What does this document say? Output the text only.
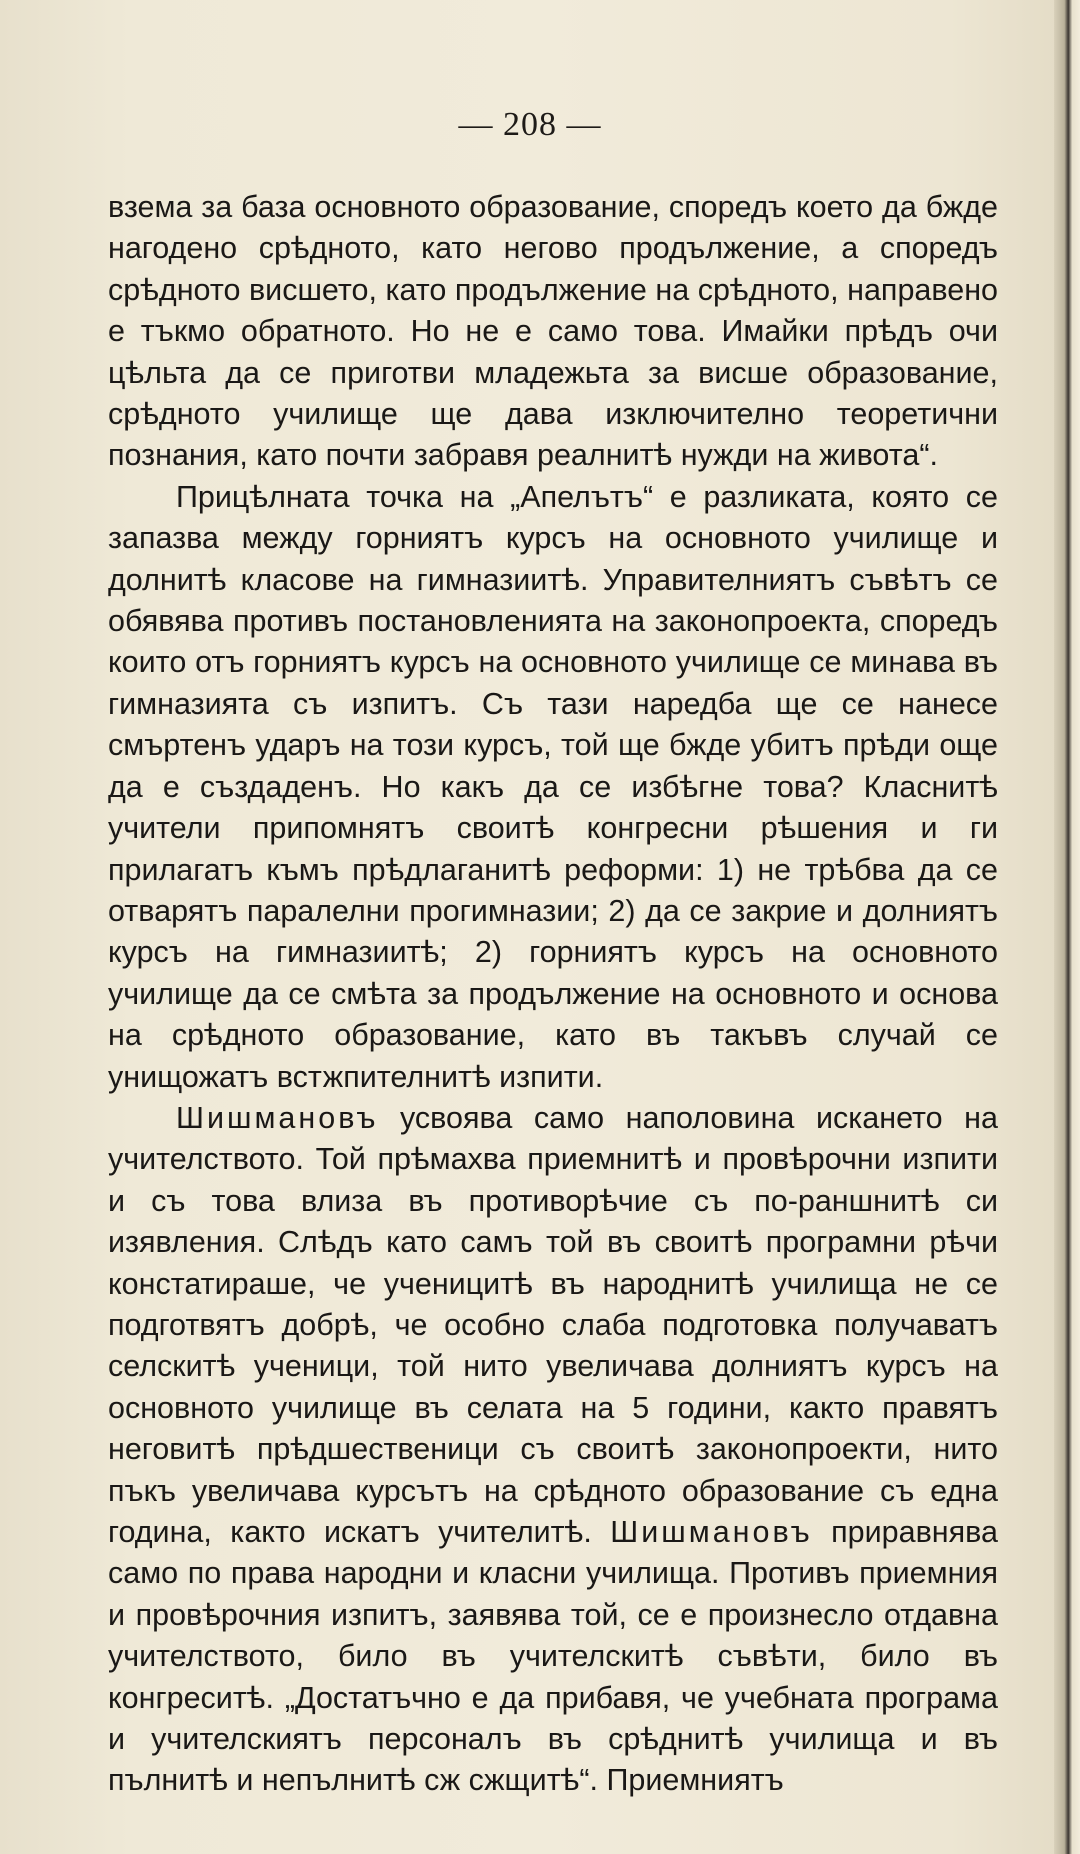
— 208 —

взема за база основното образование, споредъ което да бжде нагодено срѣдното, като негово продължение, а споредъ срѣдното висшето, като продължение на срѣдното, направено е тъкмо обратното. Но не е само това. Имайки прѣдъ очи цѣльта да се приготви младежьта за висше образование, срѣдното училище ще дава изключително теоретични познания, като почти забравя реалнитѣ нужди на живота“.

Прицѣлната точка на „Апелътъ“ е разликата, която се запазва между горниятъ курсъ на основното училище и долнитѣ класове на гимназиитѣ. Управителниятъ съвѣтъ се обявява противъ постановленията на законопроекта, споредъ които отъ горниятъ курсъ на основното училище се минава въ гимназията съ изпитъ. Съ тази наредба ще се нанесе смъртенъ ударъ на този курсъ, той ще бжде убитъ прѣди още да е създаденъ. Но какъ да се избѣгне това? Класнитѣ учители припомнятъ своитѣ конгресни рѣшения и ги прилагатъ къмъ прѣдлаганитѣ реформи: 1) не трѣбва да се отварятъ паралелни прогимназии; 2) да се закрие и долниятъ курсъ на гимназиитѣ; 2) горниятъ курсъ на основното училище да се смѣта за продължение на основното и основа на срѣдното образование, като въ такъвъ случай се унищожатъ встжпителнитѣ изпити.

Шишмановъ усвоява само наполовина искането на учителството. Той прѣмахва приемнитѣ и провѣрочни изпити и съ това влиза въ противорѣчие съ по-раншнитѣ си изявления. Слѣдъ като самъ той въ своитѣ програмни рѣчи констатираше, че ученицитѣ въ народнитѣ училища не се подготвятъ добрѣ, че особно слаба подготовка получаватъ селскитѣ ученици, той нито увеличава долниятъ курсъ на основното училище въ селата на 5 години, както правятъ неговитѣ прѣдшественици съ своитѣ законопроекти, нито пъкъ увеличава курсътъ на срѣдното образование съ една година, както искатъ учителитѣ. Шишмановъ приравнява само по права народни и класни училища. Противъ приемния и провѣрочния изпитъ, заявява той, се е произнесло отдавна учителството, било въ учителскитѣ съвѣти, било въ конгреситѣ. „Достатъчно е да прибавя, че учебната програма и учителскиятъ персоналъ въ срѣднитѣ училища и въ пълнитѣ и непълнитѣ сж сжщитѣ“. Приемниятъ
